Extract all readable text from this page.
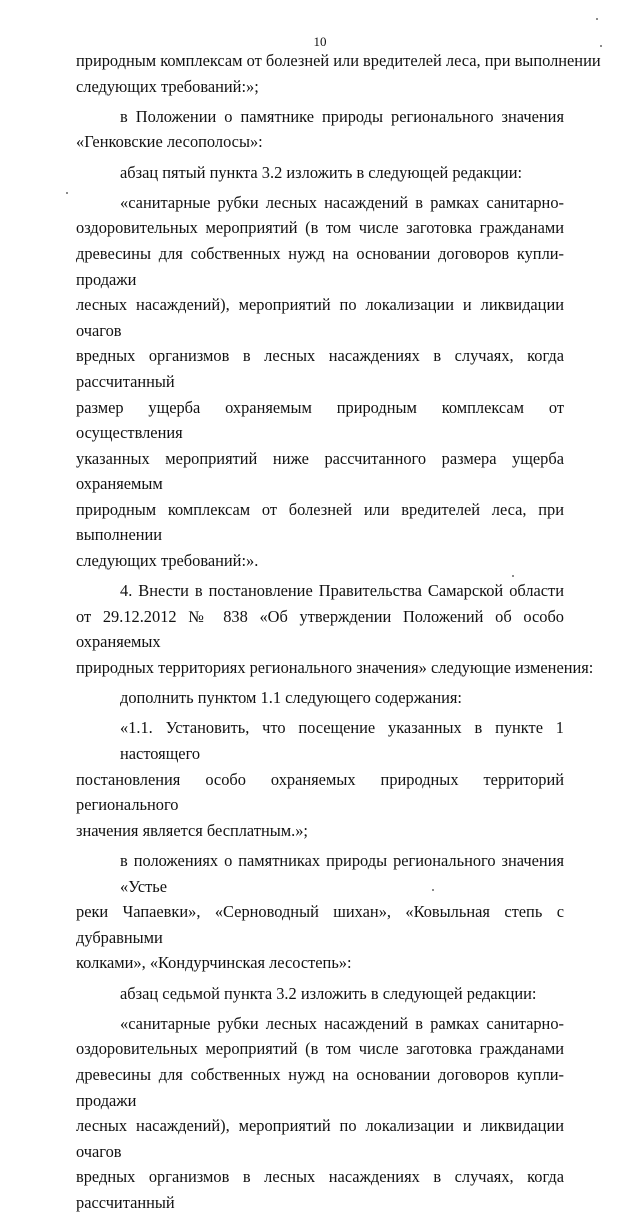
10

природным комплексам от болезней или вредителей леса, при выполнении
следующих требований:»;

в Положении о памятнике природы регионального значения
«Генковские лесополосы»:

абзац пятый пункта 3.2 изложить в следующей редакции:

«санитарные рубки лесных насаждений в рамках санитарно-
оздоровительных мероприятий (в том числе заготовка гражданами
древесины для собственных нужд на основании договоров купли-продажи
лесных насаждений), мероприятий по локализации и ликвидации очагов
вредных организмов в лесных насаждениях в случаях, когда рассчитанный
размер ущерба охраняемым природным комплексам от осуществления
указанных мероприятий ниже рассчитанного размера ущерба охраняемым
природным комплексам от болезней или вредителей леса, при выполнении
следующих требований:».

4. Внести в постановление Правительства Самарской области
от 29.12.2012 № 838 «Об утверждении Положений об особо охраняемых
природных территориях регионального значения» следующие изменения:

дополнить пунктом 1.1 следующего содержания:

«1.1. Установить, что посещение указанных в пункте 1 настоящего
постановления особо охраняемых природных территорий регионального
значения является бесплатным.»;

в положениях о памятниках природы регионального значения «Устье
реки Чапаевки», «Серноводный шихан», «Ковыльная степь с дубравными
колками», «Кондурчинская лесостепь»:

абзац седьмой пункта 3.2 изложить в следующей редакции:

«санитарные рубки лесных насаждений в рамках санитарно-
оздоровительных мероприятий (в том числе заготовка гражданами
древесины для собственных нужд на основании договоров купли-продажи
лесных насаждений), мероприятий по локализации и ликвидации очагов
вредных организмов в лесных насаждениях в случаях, когда рассчитанный
